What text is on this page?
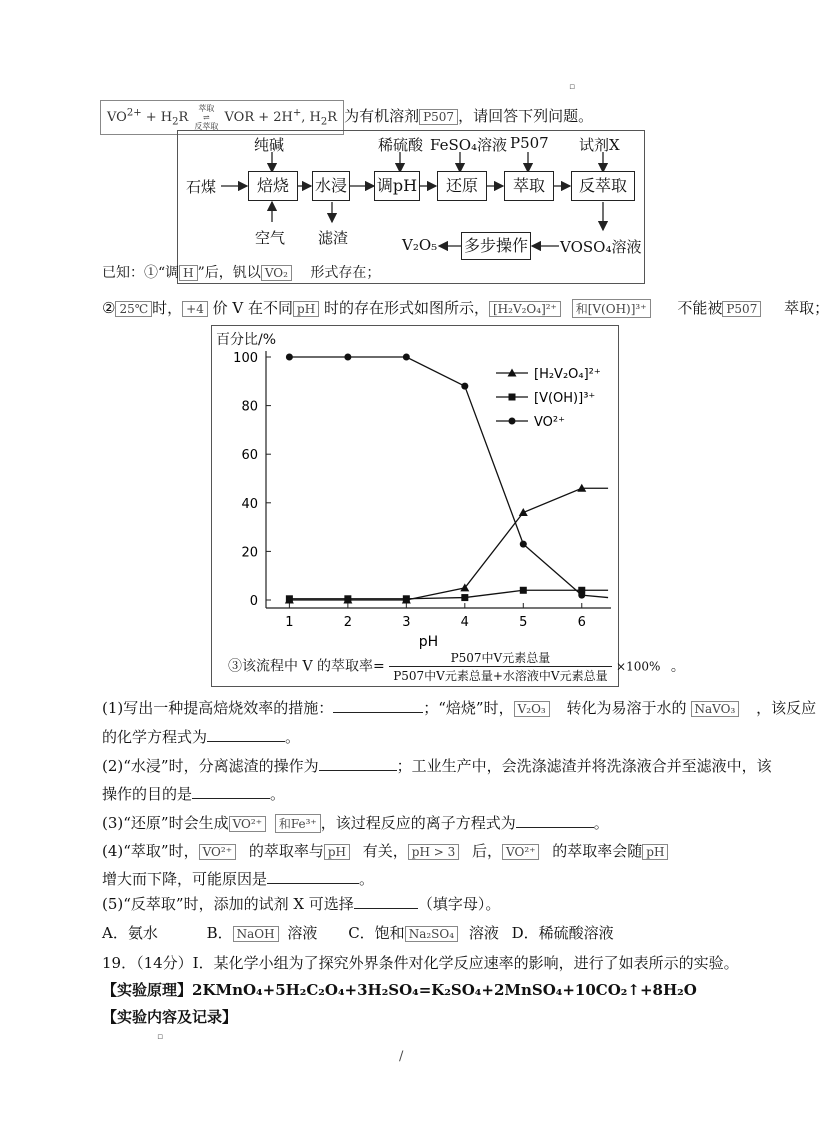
▫
$VO^{2+} + H_2R$ 萃取
⇌
反萃取 VOR + 2H+, $H_2R$为有机溶剂 P507 ，请回答下列问题。
纯碱	稀硫酸 FeSO₄溶液 P507 试剂X
石煤	焙烧	水浸 调pH	还原	萃取	反萃取
空气 滤渣	V₂O₅ 多步操作 VOSO₄溶液
已知：①“调 H ”后，钒以 VO₂ 形式存在；
② 25℃ 时， +4 价 V 在不同 pH 时的存在形式如图所示， [H₂V₂O₄]²⁺ 和[V(OH)]³⁺ 不能被 P507 萃取；
百分比/%
1	2	3	4	5	6
0
20
40
60
80
100
pH
[H₂V₂O₄]²⁺
[V(OH)]³⁺
VO²⁺
③该流程中 V 的萃取率= $\frac{\text{P507中V元素总量}}{\text{P507中V元素总量+水溶液中V元素总量}} \times 100\%$ 。
(1)写出一种提高焙烧效率的措施：	；“焙烧”时， V₂O₃ 转化为易溶于水的 NaVO₃ ，该反应
的化学方程式为	。
(2)“水浸”时，分离滤渣的操作为	；工业生产中，会洗涤滤渣并将洗涤液合并至滤液中，该
操作的目的是	。
(3)“还原”时会生成 VO²⁺ 和Fe³⁺ ，该过程反应的离子方程式为	。
(4)“萃取”时， VO²⁺ 的萃取率与 pH 有关， pH > 3 后， VO²⁺ 的萃取率会随 pH
增大而下降，可能原因是	。
(5)“反萃取”时，添加的试剂 X 可选择	（填字母）。
A．氨水	B． NaOH 溶液 C．饱和 Na₂SO₄ 溶液 D．稀硫酸溶液
19．（14分）Ⅰ．某化学小组为了探究外界条件对化学反应速率的影响，进行了如表所示的实验。
【实验原理】2KMnO₄+5H₂C₂O₄+3H₂SO₄=K₂SO₄+2MnSO₄+10CO₂↑+8H₂O
【实验内容及记录】
▫
/
